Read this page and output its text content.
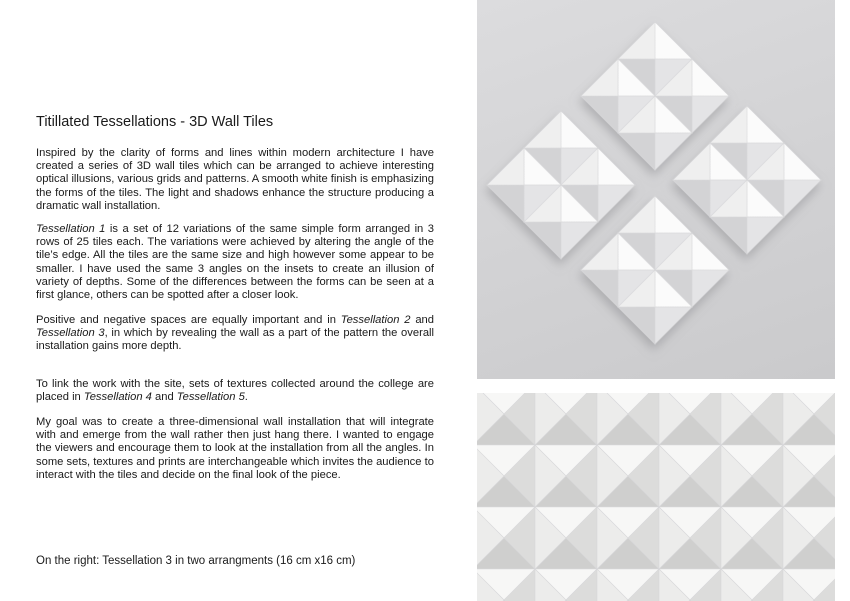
Titillated Tessellations - 3D Wall Tiles

Inspired by the clarity of forms and lines within modern architecture I have created a series of 3D wall tiles which can be arranged to achieve interesting optical illusions, various grids and patterns. A smooth white finish is emphasizing the forms of the tiles. The light and shadows enhance the structure producing a dramatic wall installation.

Tessellation 1 is a set of 12 variations of the same simple form arranged in 3 rows of 25 tiles each. The variations were achieved by altering the angle of the tile’s edge. All the tiles are the same size and high however some appear to be smaller. I have used the same 3 angles on the insets to create an illusion of variety of depths. Some of the differences between the forms can be seen at a first glance, others can be spotted after a closer look.

Positive and negative spaces are equally important and in Tessellation 2 and Tessellation 3, in which by revealing the wall as a part of the pattern the overall installation gains more depth.

To link the work with the site, sets of textures collected around the college are placed in Tessellation 4 and Tessellation 5.

My goal was to create a three-dimensional wall installation that will integrate with and emerge from the wall rather then just hang there. I wanted to engage the viewers and encourage them to look at the installation from all the angles. In some sets, textures and prints are interchangeable which invites the audience to interact with the tiles and decide on the final look of the piece.

On the right: Tessellation 3 in two arrangments (16 cm x16 cm)
